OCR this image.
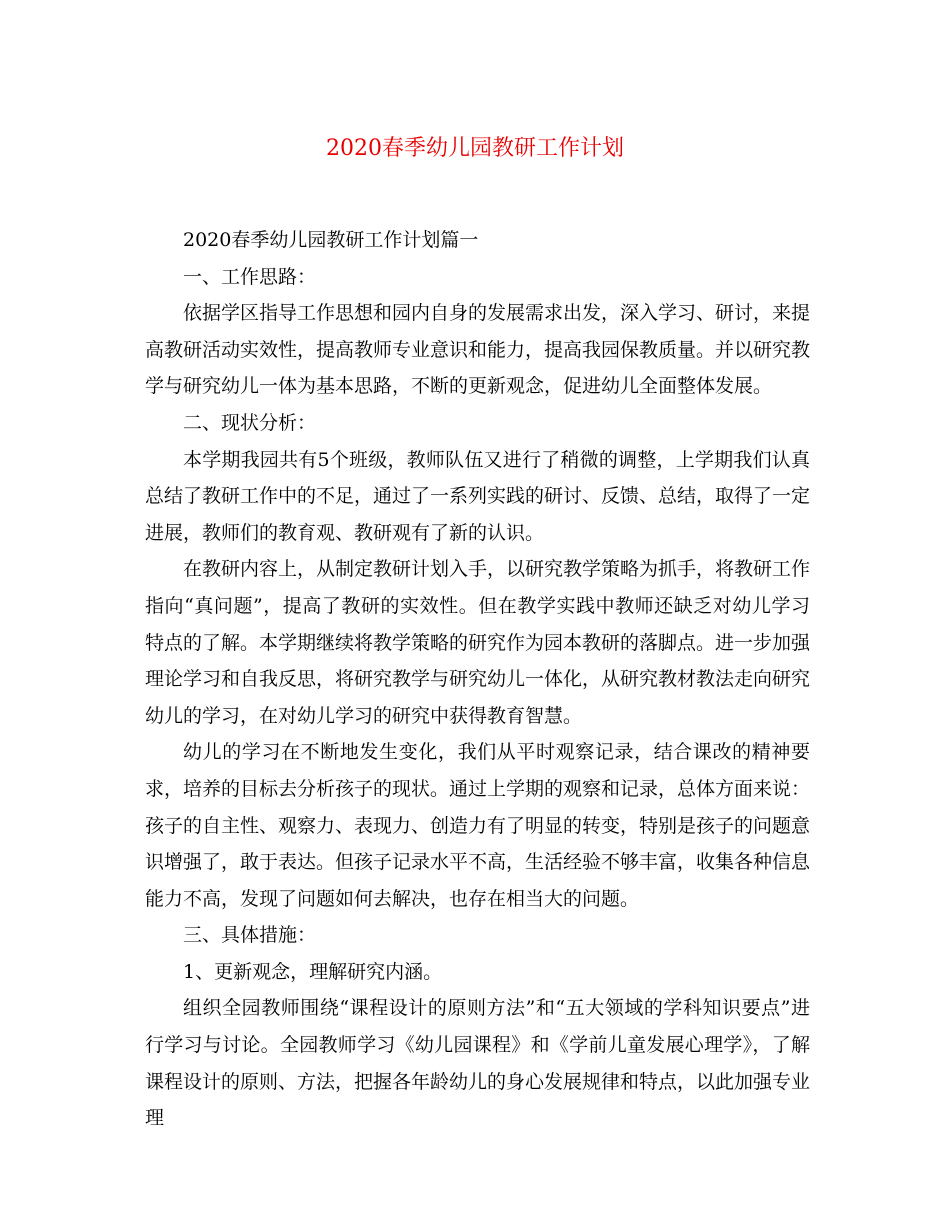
2020春季幼儿园教研工作计划

2020春季幼儿园教研工作计划篇一

一、工作思路：

依据学区指导工作思想和园内自身的发展需求出发，深入学习、研讨，来提高教研活动实效性，提高教师专业意识和能力，提高我园保教质量。并以研究教学与研究幼儿一体为基本思路，不断的更新观念，促进幼儿全面整体发展。

二、现状分析：

本学期我园共有5个班级，教师队伍又进行了稍微的调整，上学期我们认真总结了教研工作中的不足，通过了一系列实践的研讨、反馈、总结，取得了一定进展，教师们的教育观、教研观有了新的认识。

在教研内容上，从制定教研计划入手，以研究教学策略为抓手，将教研工作指向“真问题”，提高了教研的实效性。但在教学实践中教师还缺乏对幼儿学习特点的了解。本学期继续将教学策略的研究作为园本教研的落脚点。进一步加强理论学习和自我反思，将研究教学与研究幼儿一体化，从研究教材教法走向研究幼儿的学习，在对幼儿学习的研究中获得教育智慧。

幼儿的学习在不断地发生变化，我们从平时观察记录，结合课改的精神要求，培养的目标去分析孩子的现状。通过上学期的观察和记录，总体方面来说：孩子的自主性、观察力、表现力、创造力有了明显的转变，特别是孩子的问题意识增强了，敢于表达。但孩子记录水平不高，生活经验不够丰富，收集各种信息能力不高，发现了问题如何去解决，也存在相当大的问题。

三、具体措施：

1、更新观念，理解研究内涵。

组织全园教师围绕“课程设计的原则方法”和“五大领域的学科知识要点”进行学习与讨论。全园教师学习《幼儿园课程》和《学前儿童发展心理学》，了解课程设计的原则、方法，把握各年龄幼儿的身心发展规律和特点，以此加强专业理
